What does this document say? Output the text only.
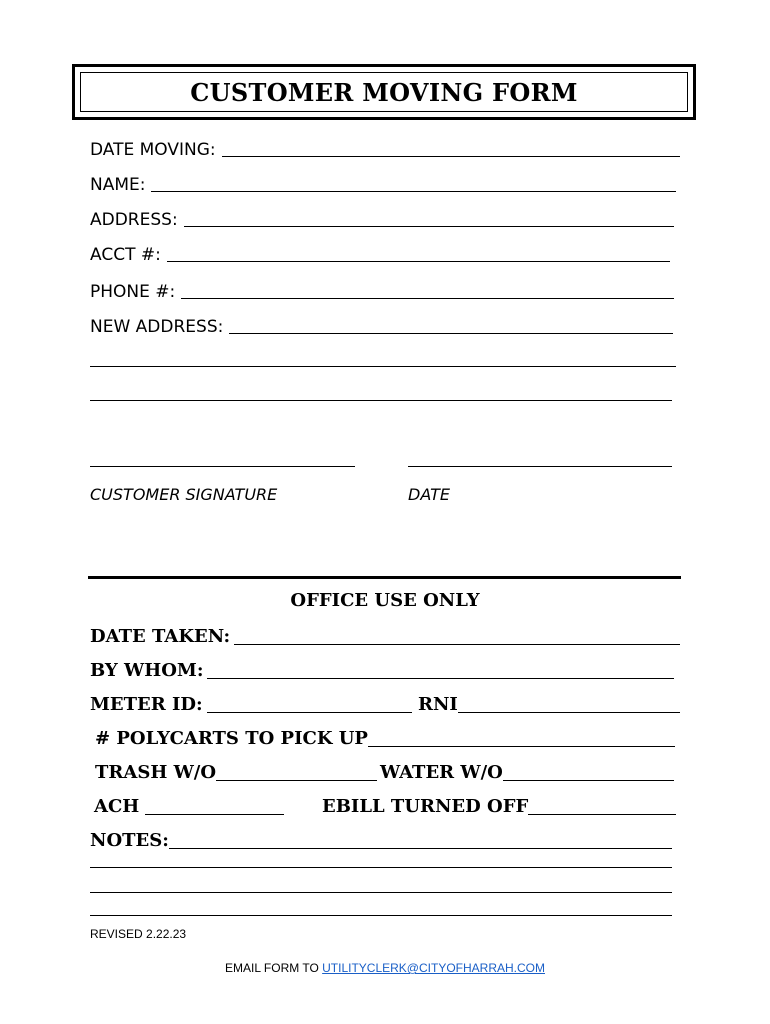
CUSTOMER MOVING FORM
DATE MOVING:
NAME:
ADDRESS:
ACCT #:
PHONE #:
NEW ADDRESS:
CUSTOMER SIGNATURE	DATE
OFFICE USE ONLY
DATE TAKEN:
BY WHOM:
METER ID:	RNI
# POLYCARTS TO PICK UP
TRASH W/O	WATER W/O
ACH	EBILL TURNED OFF
NOTES:
REVISED 2.22.23
EMAIL FORM TO UTILITYCLERK@CITYOFHARRAH.COM
